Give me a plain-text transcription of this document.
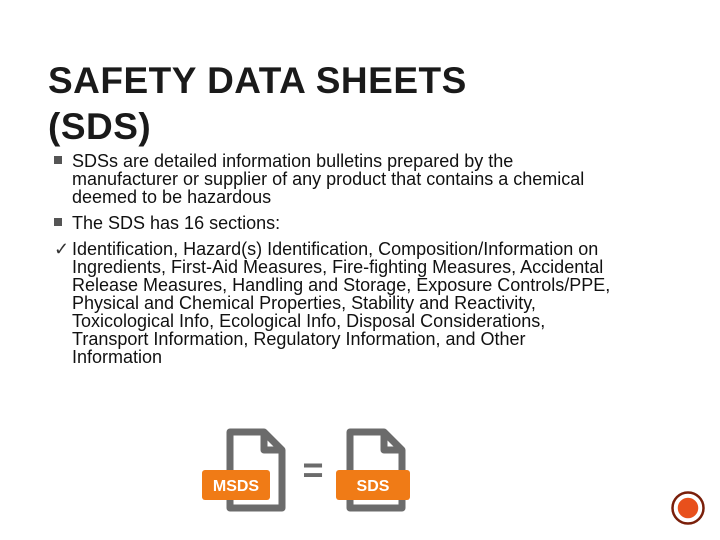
SAFETY DATA SHEETS
(SDS)
SDSs are detailed information bulletins prepared by the manufacturer or supplier of any product that contains a chemical deemed to be hazardous
The SDS has 16 sections:
✓ Identification, Hazard(s) Identification, Composition/Information on Ingredients, First-Aid Measures, Fire-fighting Measures, Accidental Release Measures, Handling and Storage, Exposure Controls/PPE, Physical and Chemical Properties, Stability and Reactivity, Toxicological Info, Ecological Info, Disposal Considerations, Transport Information, Regulatory Information, and Other Information
MSDS = SDS
